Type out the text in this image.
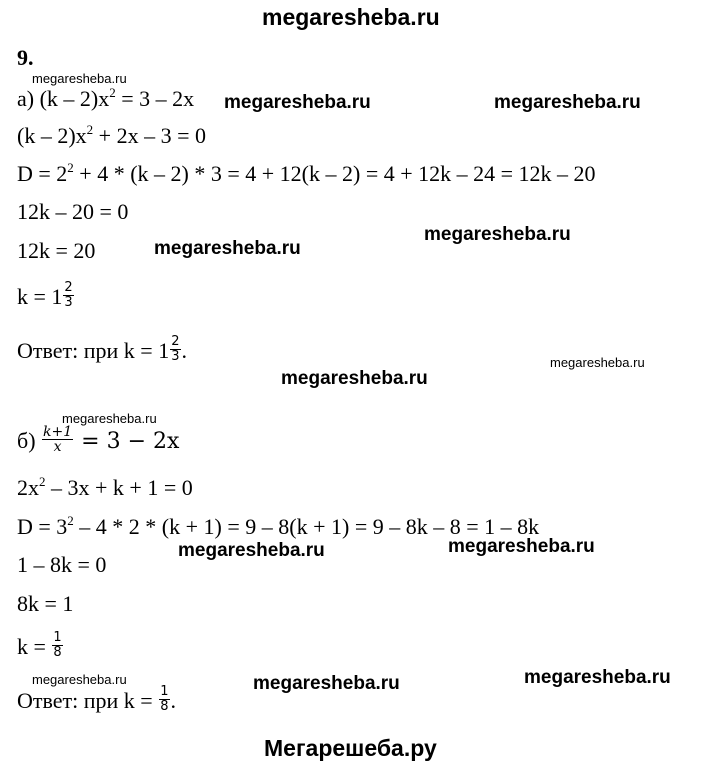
megaresheba.ru
Мегарешеба.ру
9.
megaresheba.ru
megaresheba.ru
megaresheba.ru
megaresheba.ru
megaresheba.ru	megaresheba.ru
megaresheba.ru
megaresheba.ru
megaresheba.ru
megaresheba.ru	megaresheba.ru
megaresheba.ru	megaresheba.ru
а) $(k - 2)x^2 = 3 - 2x$
$(k - 2)x^2 + 2x - 3 = 0$
$D = 2^2 + 4 * (k - 2) * 3 = 4 + 12(k - 2) = 4 + 12k - 24 = 12k - 20$
12k – 20 = 0
12k = 20
$k = 1 \frac{2}{3}$
Ответ: при $k = 1 \frac{2}{3}$ .
$б) \frac{k+1}{x} = 3 - 2x$
$2x^2 - 3x + k + 1 = 0$
$D = 3^2 - 4 * 2 * (k + 1) = 9 - 8(k + 1) = 9 - 8k - 8 = 1 - 8k$
1 – 8k = 0
8k = 1
$k = \frac{1}{8}$
Ответ: при $k = \frac{1}{8}$ .
